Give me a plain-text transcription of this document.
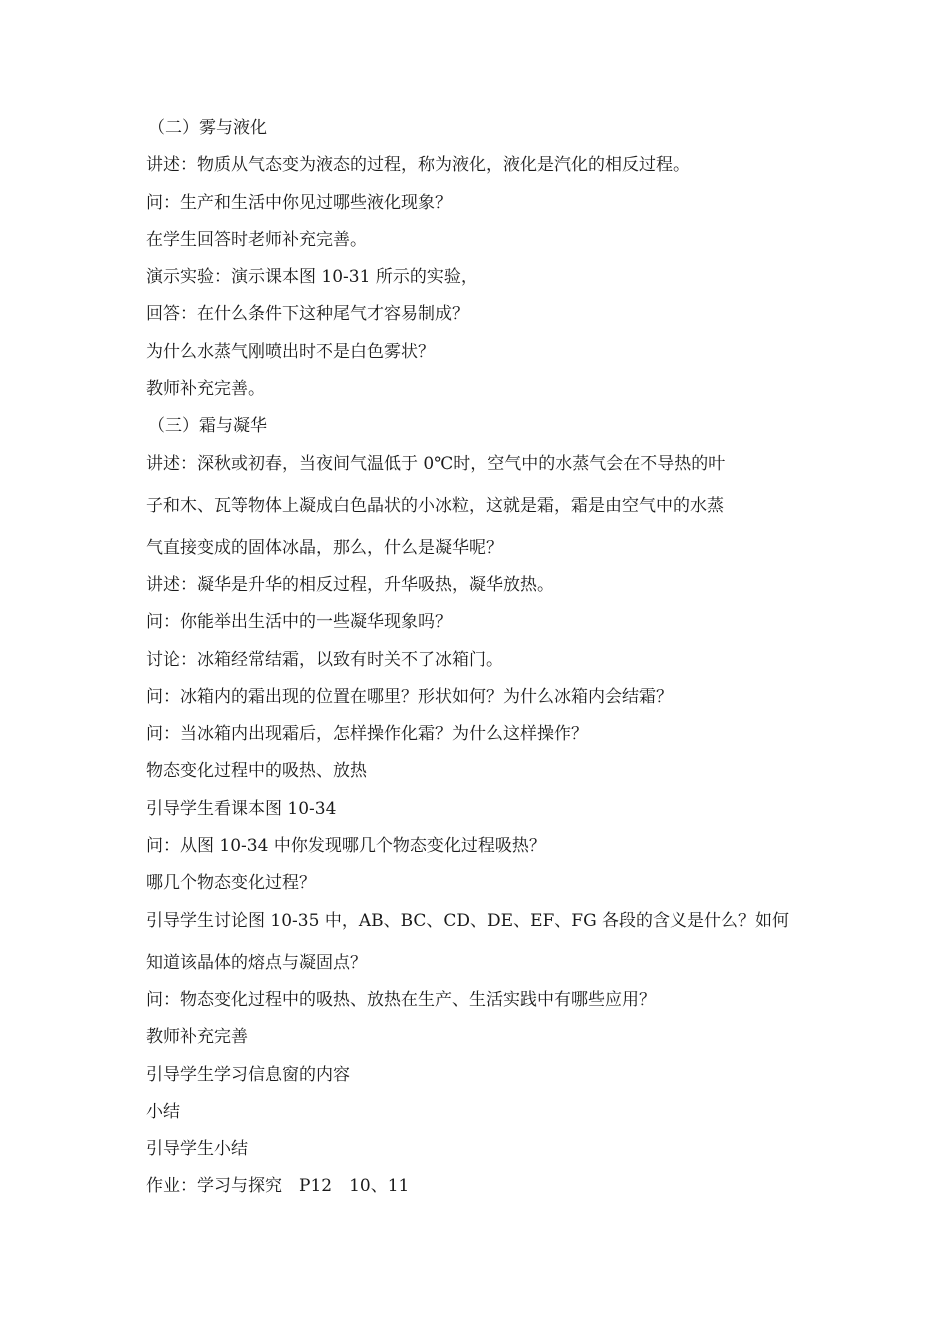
（二）雾与液化

讲述：物质从气态变为液态的过程，称为液化，液化是汽化的相反过程。

问：生产和生活中你见过哪些液化现象？

在学生回答时老师补充完善。

演示实验：演示课本图 10-31 所示的实验，

回答：在什么条件下这种尾气才容易制成？

为什么水蒸气刚喷出时不是白色雾状？

教师补充完善。

（三）霜与凝华

讲述：深秋或初春，当夜间气温低于 0℃时，空气中的水蒸气会在不导热的叶

子和木、瓦等物体上凝成白色晶状的小冰粒，这就是霜，霜是由空气中的水蒸

气直接变成的固体冰晶，那么，什么是凝华呢？

讲述：凝华是升华的相反过程，升华吸热，凝华放热。

问：你能举出生活中的一些凝华现象吗？

讨论：冰箱经常结霜，以致有时关不了冰箱门。

问：冰箱内的霜出现的位置在哪里？形状如何？为什么冰箱内会结霜？

问：当冰箱内出现霜后，怎样操作化霜？为什么这样操作？

物态变化过程中的吸热、放热

引导学生看课本图 10-34

问：从图 10-34 中你发现哪几个物态变化过程吸热？

哪几个物态变化过程？

引导学生讨论图 10-35 中，AB、BC、CD、DE、EF、FG 各段的含义是什么？如何

知道该晶体的熔点与凝固点？

问：物态变化过程中的吸热、放热在生产、生活实践中有哪些应用？

教师补充完善

引导学生学习信息窗的内容

小结

引导学生小结

作业：学习与探究　P12　10、11
